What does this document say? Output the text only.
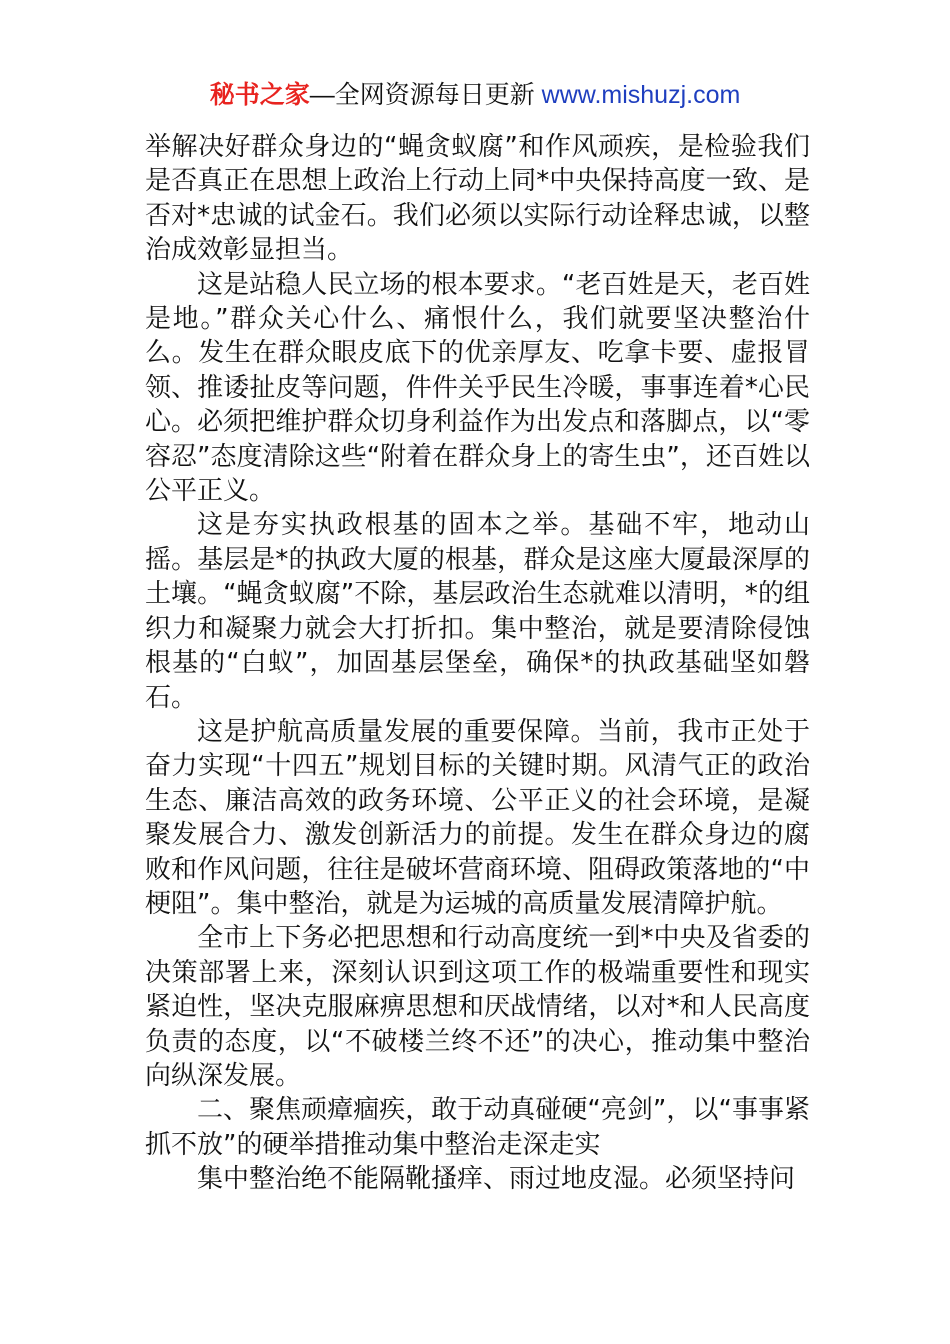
秘书之家—全网资源每日更新 www.mishuzj.com

举解决好群众身边的“蝇贪蚁腐”和作风顽疾，是检验我们是否真正在思想上政治上行动上同*中央保持高度一致、是否对*忠诚的试金石。我们必须以实际行动诠释忠诚，以整治成效彰显担当。

这是站稳人民立场的根本要求。“老百姓是天，老百姓是地。”群众关心什么、痛恨什么，我们就要坚决整治什么。发生在群众眼皮底下的优亲厚友、吃拿卡要、虚报冒领、推诿扯皮等问题，件件关乎民生冷暖，事事连着*心民心。必须把维护群众切身利益作为出发点和落脚点，以“零容忍”态度清除这些“附着在群众身上的寄生虫”，还百姓以公平正义。

这是夯实执政根基的固本之举。基础不牢，地动山摇。基层是*的执政大厦的根基，群众是这座大厦最深厚的土壤。“蝇贪蚁腐”不除，基层政治生态就难以清明，*的组织力和凝聚力就会大打折扣。集中整治，就是要清除侵蚀根基的“白蚁”，加固基层堡垒，确保*的执政基础坚如磐石。

这是护航高质量发展的重要保障。当前，我市正处于奋力实现“十四五”规划目标的关键时期。风清气正的政治生态、廉洁高效的政务环境、公平正义的社会环境，是凝聚发展合力、激发创新活力的前提。发生在群众身边的腐败和作风问题，往往是破坏营商环境、阻碍政策落地的“中梗阻”。集中整治，就是为运城的高质量发展清障护航。

全市上下务必把思想和行动高度统一到*中央及省委的决策部署上来，深刻认识到这项工作的极端重要性和现实紧迫性，坚决克服麻痹思想和厌战情绪，以对*和人民高度负责的态度，以“不破楼兰终不还”的决心，推动集中整治向纵深发展。

二、聚焦顽瘴痼疾，敢于动真碰硬“亮剑”，以“事事紧抓不放”的硬举措推动集中整治走深走实

集中整治绝不能隔靴搔痒、雨过地皮湿。必须坚持问
